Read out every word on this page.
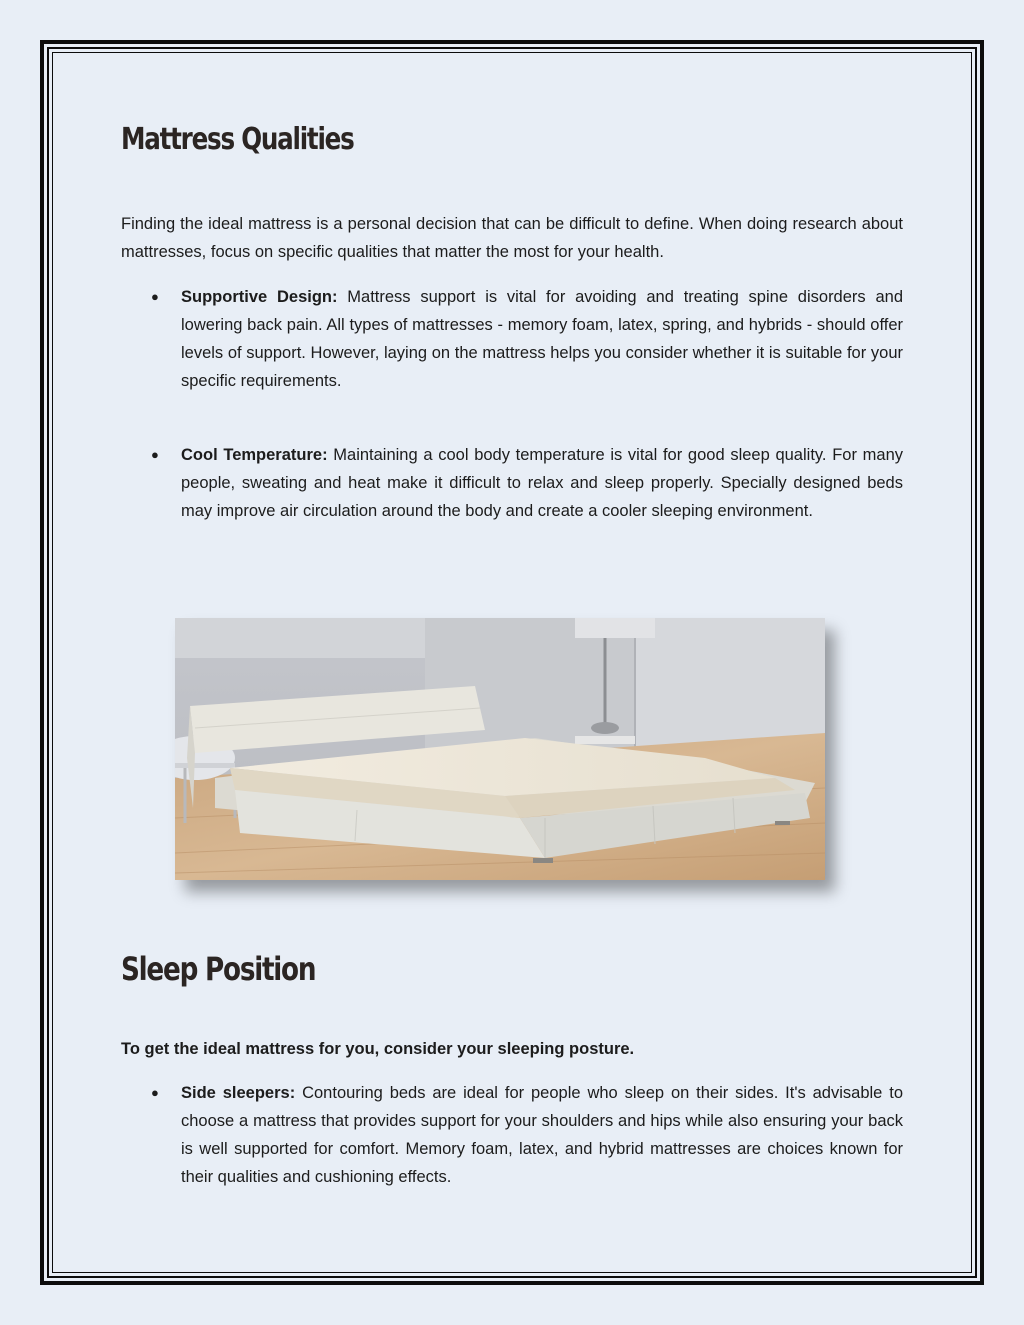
Mattress Qualities

Finding the ideal mattress is a personal decision that can be difficult to define. When doing research about mattresses, focus on specific qualities that matter the most for your health.

● Supportive Design: Mattress support is vital for avoiding and treating spine disorders and lowering back pain. All types of mattresses - memory foam, latex, spring, and hybrids - should offer levels of support. However, laying on the mattress helps you consider whether it is suitable for your specific requirements.

● Cool Temperature: Maintaining a cool body temperature is vital for good sleep quality. For many people, sweating and heat make it difficult to relax and sleep properly. Specially designed beds may improve air circulation around the body and create a cooler sleeping environment.

Sleep Position

To get the ideal mattress for you, consider your sleeping posture.

● Side sleepers: Contouring beds are ideal for people who sleep on their sides. It's advisable to choose a mattress that provides support for your shoulders and hips while also ensuring your back is well supported for comfort. Memory foam, latex, and hybrid mattresses are choices known for their qualities and cushioning effects.
